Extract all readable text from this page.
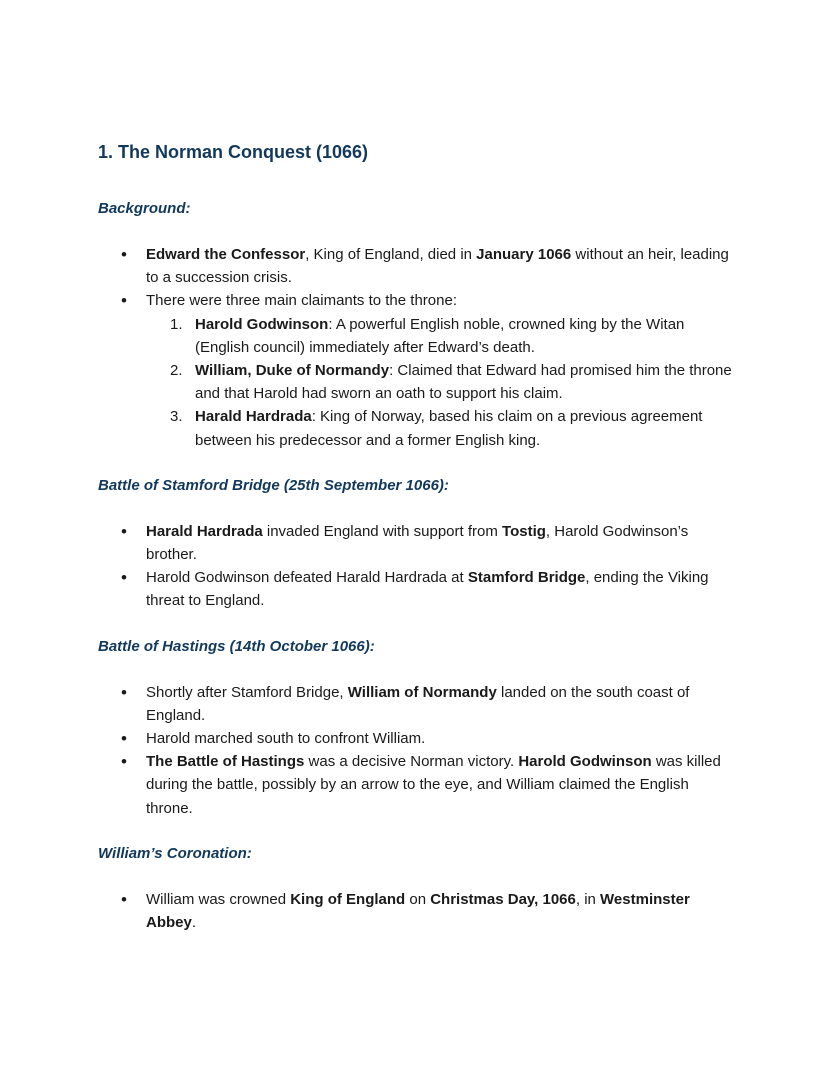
1. The Norman Conquest (1066)
Background:
• Edward the Confessor, King of England, died in January 1066 without an heir, leading to a succession crisis.
• There were three main claimants to the throne:
1. Harold Godwinson: A powerful English noble, crowned king by the Witan (English council) immediately after Edward’s death.
2. William, Duke of Normandy: Claimed that Edward had promised him the throne and that Harold had sworn an oath to support his claim.
3. Harald Hardrada: King of Norway, based his claim on a previous agreement between his predecessor and a former English king.
Battle of Stamford Bridge (25th September 1066):
• Harald Hardrada invaded England with support from Tostig, Harold Godwinson’s brother.
• Harold Godwinson defeated Harald Hardrada at Stamford Bridge, ending the Viking threat to England.
Battle of Hastings (14th October 1066):
• Shortly after Stamford Bridge, William of Normandy landed on the south coast of England.
• Harold marched south to confront William.
• The Battle of Hastings was a decisive Norman victory. Harold Godwinson was killed during the battle, possibly by an arrow to the eye, and William claimed the English throne.
William’s Coronation:
• William was crowned King of England on Christmas Day, 1066, in Westminster Abbey.
